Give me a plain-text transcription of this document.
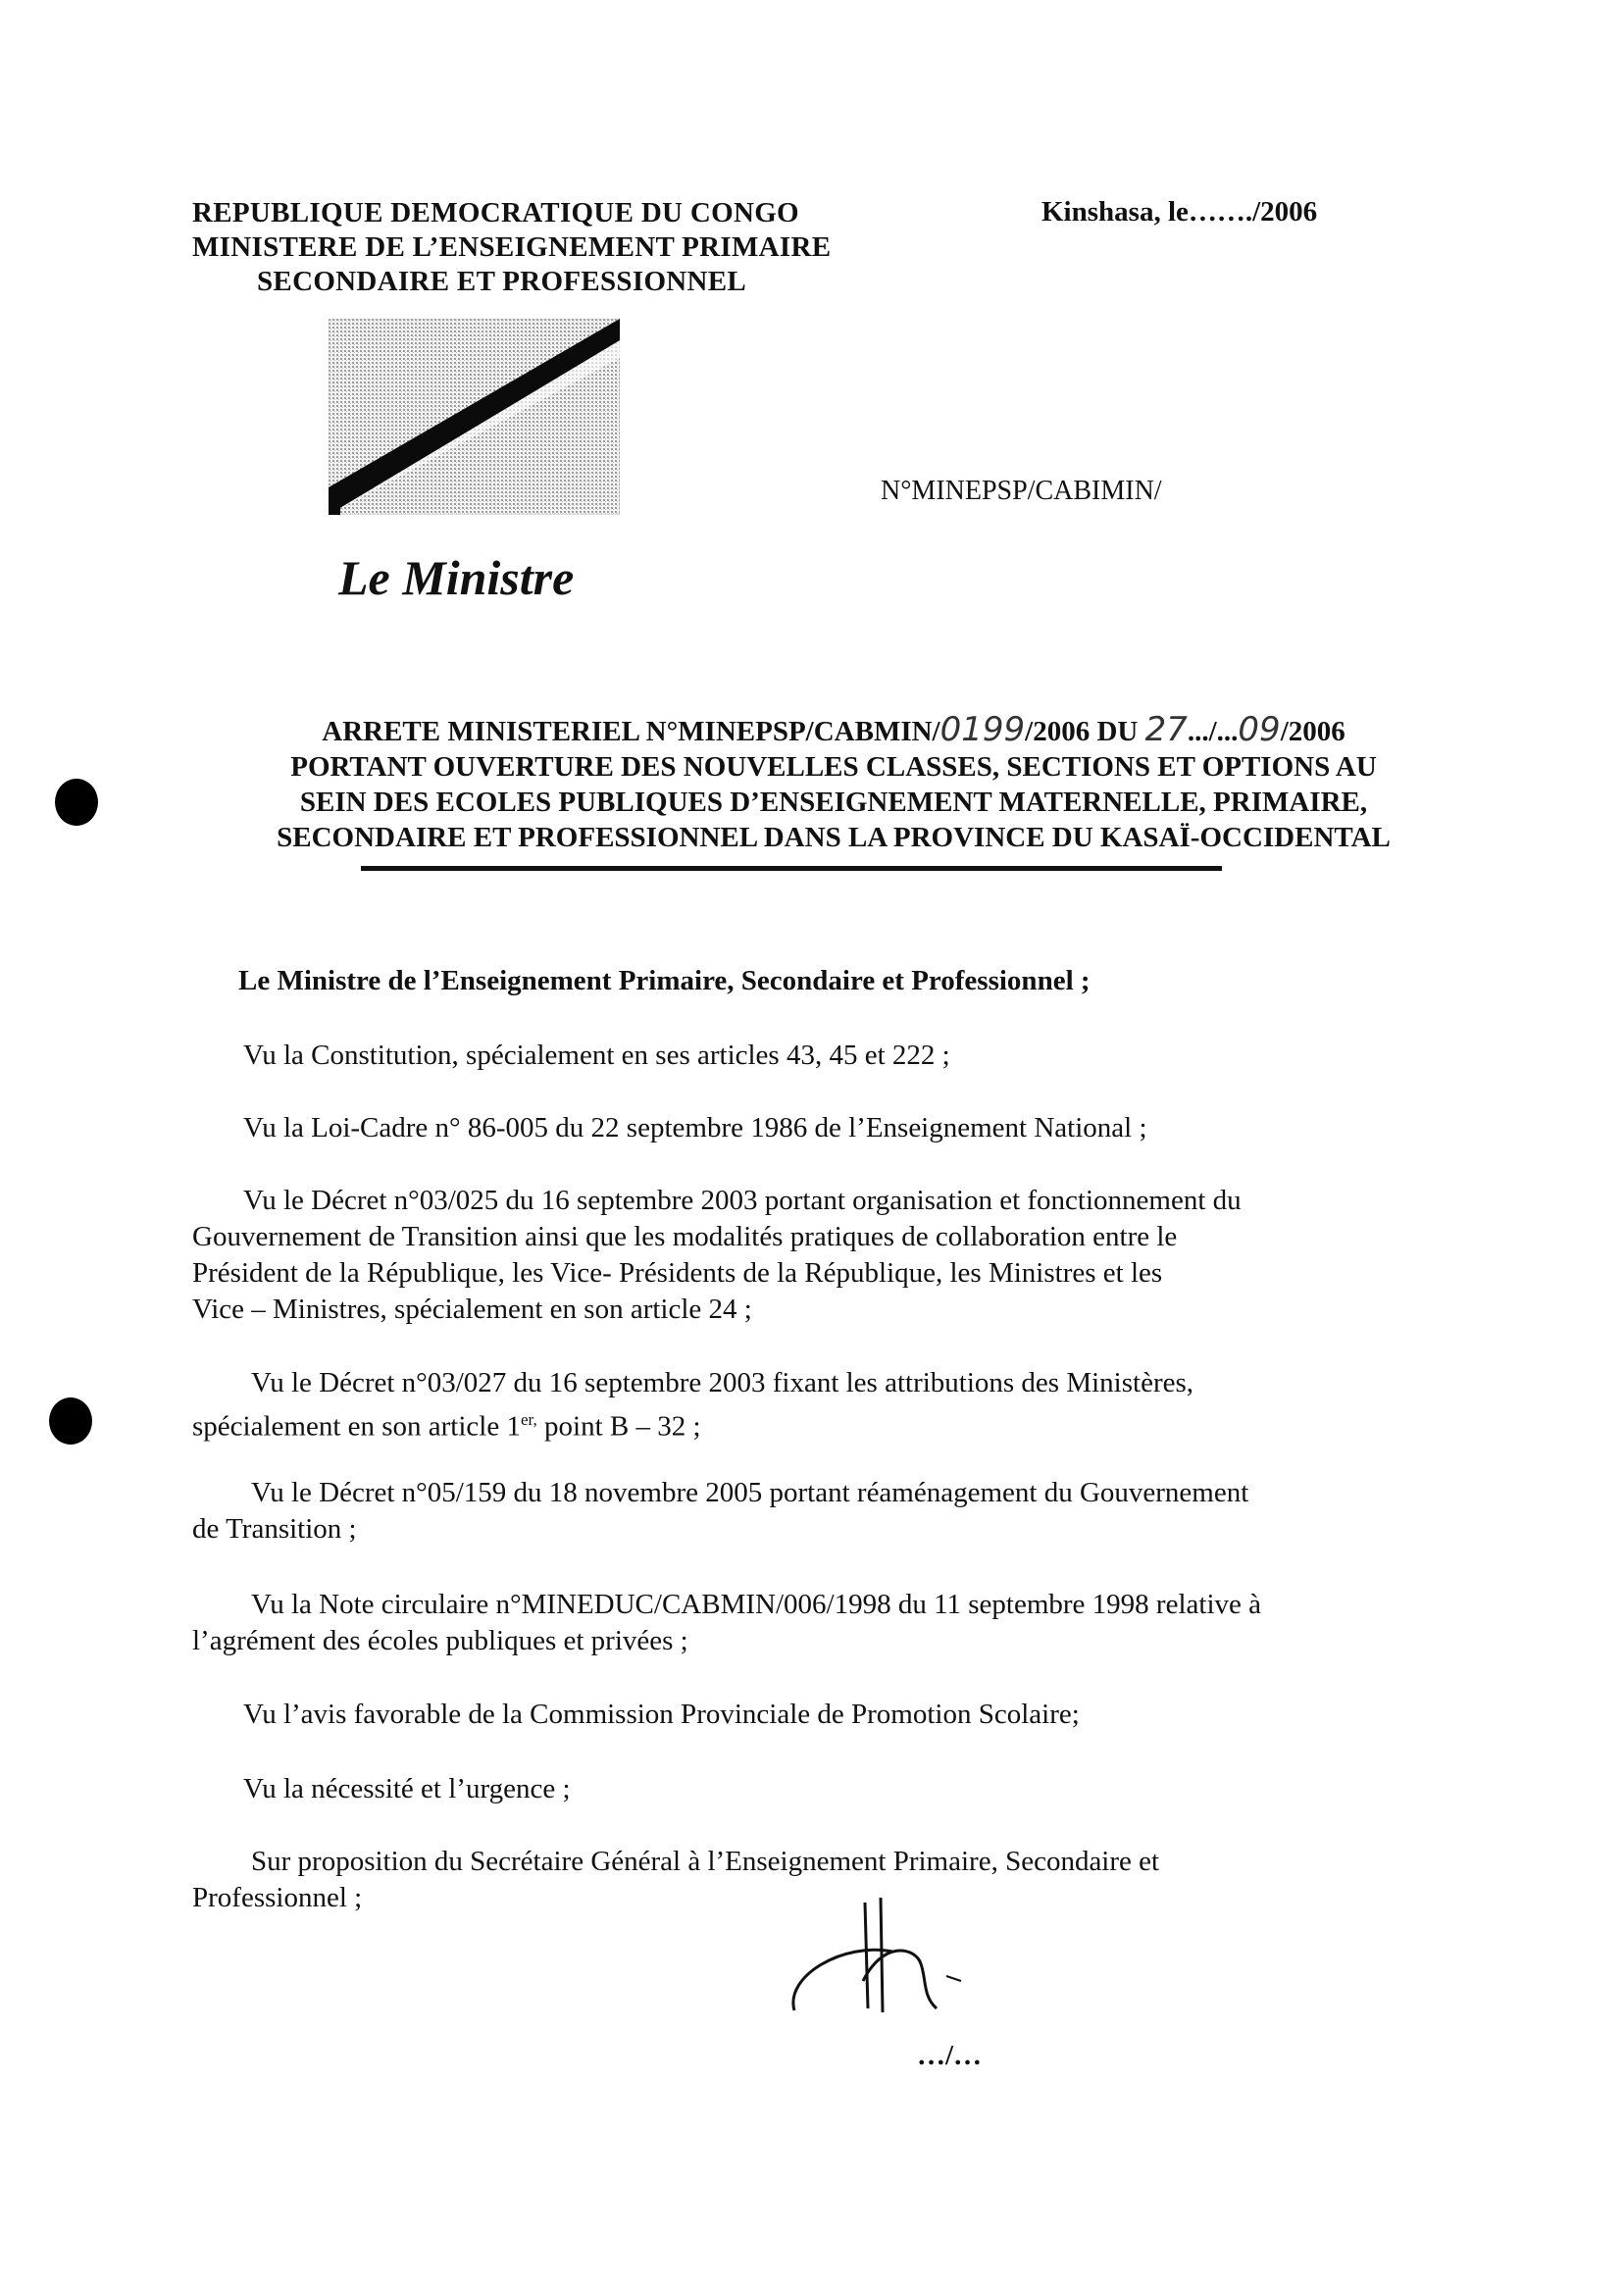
REPUBLIQUE DEMOCRATIQUE DU CONGO
MINISTERE DE L’ENSEIGNEMENT PRIMAIRE
SECONDAIRE ET PROFESSIONNEL
Kinshasa, le……./2006
N°MINEPSP/CABIMIN/
Le Ministre
ARRETE MINISTERIEL N°MINEPSP/CABMIN/0199/2006 DU 27.../...09/2006
PORTANT OUVERTURE DES NOUVELLES CLASSES, SECTIONS ET OPTIONS AU
SEIN DES ECOLES PUBLIQUES D’ENSEIGNEMENT MATERNELLE, PRIMAIRE,
SECONDAIRE ET PROFESSIONNEL DANS LA PROVINCE DU KASAÏ-OCCIDENTAL
Le Ministre de l’Enseignement Primaire, Secondaire et Professionnel ;
Vu la Constitution, spécialement en ses articles 43, 45 et 222 ;
Vu la Loi-Cadre n° 86-005 du 22 septembre 1986 de l’Enseignement National ;
Vu le Décret n°03/025 du 16 septembre 2003 portant organisation et fonctionnement du
Gouvernement de Transition ainsi que les modalités pratiques de collaboration entre le
Président de la République, les Vice- Présidents de la République, les Ministres et les
Vice – Ministres, spécialement en son article 24 ;
Vu le Décret n°03/027 du 16 septembre 2003 fixant les attributions des Ministères,
spécialement en son article $1^{er,}$ point B – 32 ;
Vu le Décret n°05/159 du 18 novembre 2005 portant réaménagement du Gouvernement
de Transition ;
Vu la Note circulaire n°MINEDUC/CABMIN/006/1998 du 11 septembre 1998 relative à
l’agrément des écoles publiques et privées ;
Vu l’avis favorable de la Commission Provinciale de Promotion Scolaire;
Vu la nécessité et l’urgence ;
Sur proposition du Secrétaire Général à l’Enseignement Primaire, Secondaire et
Professionnel ;
…/…
